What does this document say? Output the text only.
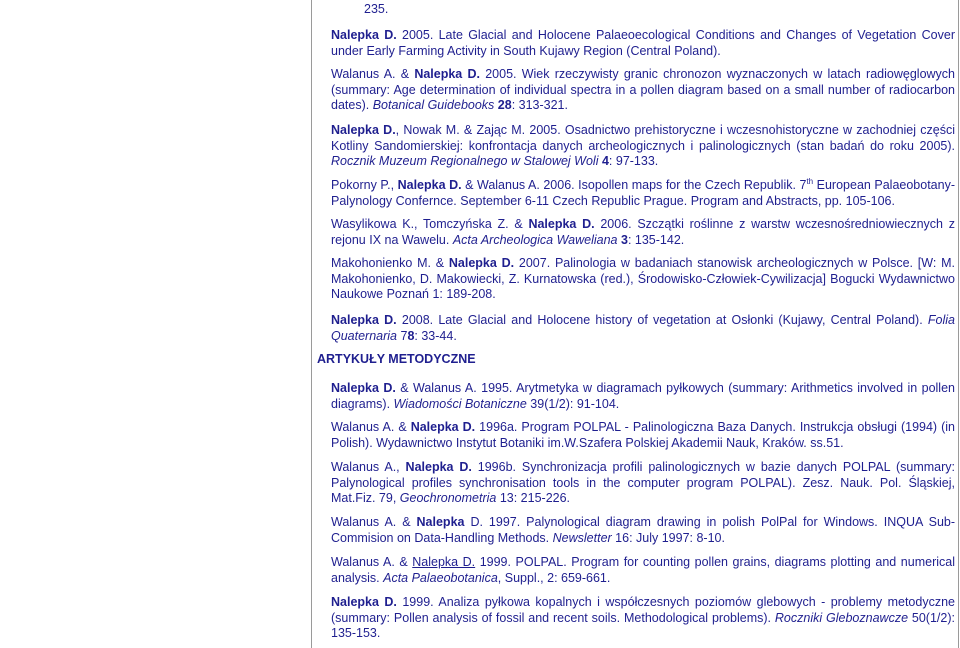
235.
ARTYKUŁY METODYCZNE
Nalepka D. 2005. Late Glacial and Holocene Palaeoecological Conditions and Changes of Vegetation Cover under Early Farming Activity in South Kujawy Region (Central Poland).
Walanus A. & Nalepka D. 2005. Wiek rzeczywisty granic chronozon wyznaczonych w latach radiowęglowych (summary: Age determination of individual spectra in a pollen diagram based on a small number of radiocarbon dates). Botanical Guidebooks 28: 313-321.
Nalepka D., Nowak M. & Zając M. 2005. Osadnictwo prehistoryczne i wczesnohistoryczne w zachodniej części Kotliny Sandomierskiej: konfrontacja danych archeologicznych i palinologicznych (stan badań do roku 2005). Rocznik Muzeum Regionalnego w Stalowej Woli 4: 97-133.
Pokorny P., Nalepka D. & Walanus A. 2006. Isopollen maps for the Czech Republik. 7th European Palaeobotany-Palynology Confernce. September 6-11 Czech Republic Prague. Program and Abstracts, pp. 105-106.
Wasylikowa K., Tomczyńska Z. & Nalepka D. 2006. Szczątki roślinne z warstw wczesnośredniowiecznych z rejonu IX na Wawelu. Acta Archeologica Waweliana 3: 135-142.
Makohonienko M. & Nalepka D. 2007. Palinologia w badaniach stanowisk archeologicznych w Polsce. [W: M. Makohonienko, D. Makowiecki, Z. Kurnatowska (red.), Środowisko-Człowiek-Cywilizacja] Bogucki Wydawnictwo Naukowe Poznań 1: 189-208.
Nalepka D. 2008. Late Glacial and Holocene history of vegetation at Osłonki (Kujawy, Central Poland). Folia Quaternaria 78: 33-44.
Nalepka D. & Walanus A. 1995. Arytmetyka w diagramach pyłkowych (summary: Arithmetics involved in pollen diagrams). Wiadomości Botaniczne 39(1/2): 91-104.
Walanus A. & Nalepka D. 1996a. Program POLPAL - Palinologiczna Baza Danych. Instrukcja obsługi (1994) (in Polish). Wydawnictwo Instytut Botaniki im.W.Szafera Polskiej Akademii Nauk, Kraków. ss.51.
Walanus A., Nalepka D. 1996b. Synchronizacja profili palinologicznych w bazie danych POLPAL (summary: Palynological profiles synchronisation tools in the computer program POLPAL). Zesz. Nauk. Pol. Śląskiej, Mat.Fiz. 79, Geochronometria 13: 215-226.
Walanus A. & Nalepka D. 1997. Palynological diagram drawing in polish PolPal for Windows. INQUA Sub-Commision on Data-Handling Methods. Newsletter 16: July 1997: 8-10.
Walanus A. & Nalepka D. 1999. POLPAL. Program for counting pollen grains, diagrams plotting and numerical analysis. Acta Palaeobotanica, Suppl., 2: 659-661.
Nalepka D. 1999. Analiza pyłkowa kopalnych i współczesnych poziomów glebowych - problemy metodyczne (summary: Pollen analysis of fossil and recent soils. Methodological problems). Roczniki Gleboznawcze 50(1/2): 135-153.
